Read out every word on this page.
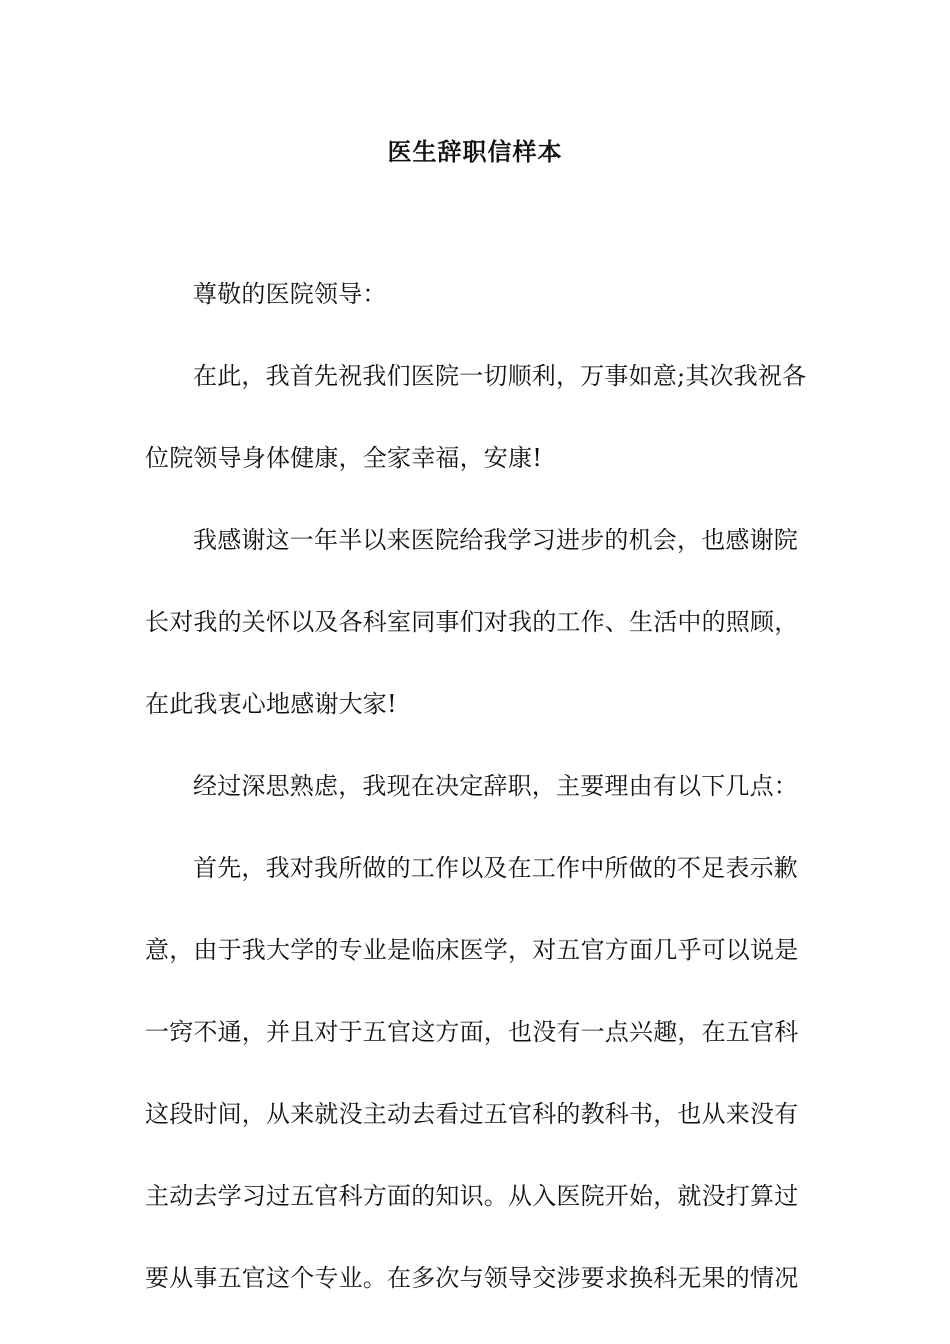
医生辞职信样本
尊敬的医院领导：
在此，我首先祝我们医院一切顺利，万事如意;其次我祝各
位院领导身体健康，全家幸福，安康!
我感谢这一年半以来医院给我学习进步的机会，也感谢院
长对我的关怀以及各科室同事们对我的工作、生活中的照顾，
在此我衷心地感谢大家!
经过深思熟虑，我现在决定辞职，主要理由有以下几点：
首先，我对我所做的工作以及在工作中所做的不足表示歉
意，由于我大学的专业是临床医学，对五官方面几乎可以说是
一窍不通，并且对于五官这方面，也没有一点兴趣，在五官科
这段时间，从来就没主动去看过五官科的教科书，也从来没有
主动去学习过五官科方面的知识。从入医院开始，就没打算过
要从事五官这个专业。在多次与领导交涉要求换科无果的情况
